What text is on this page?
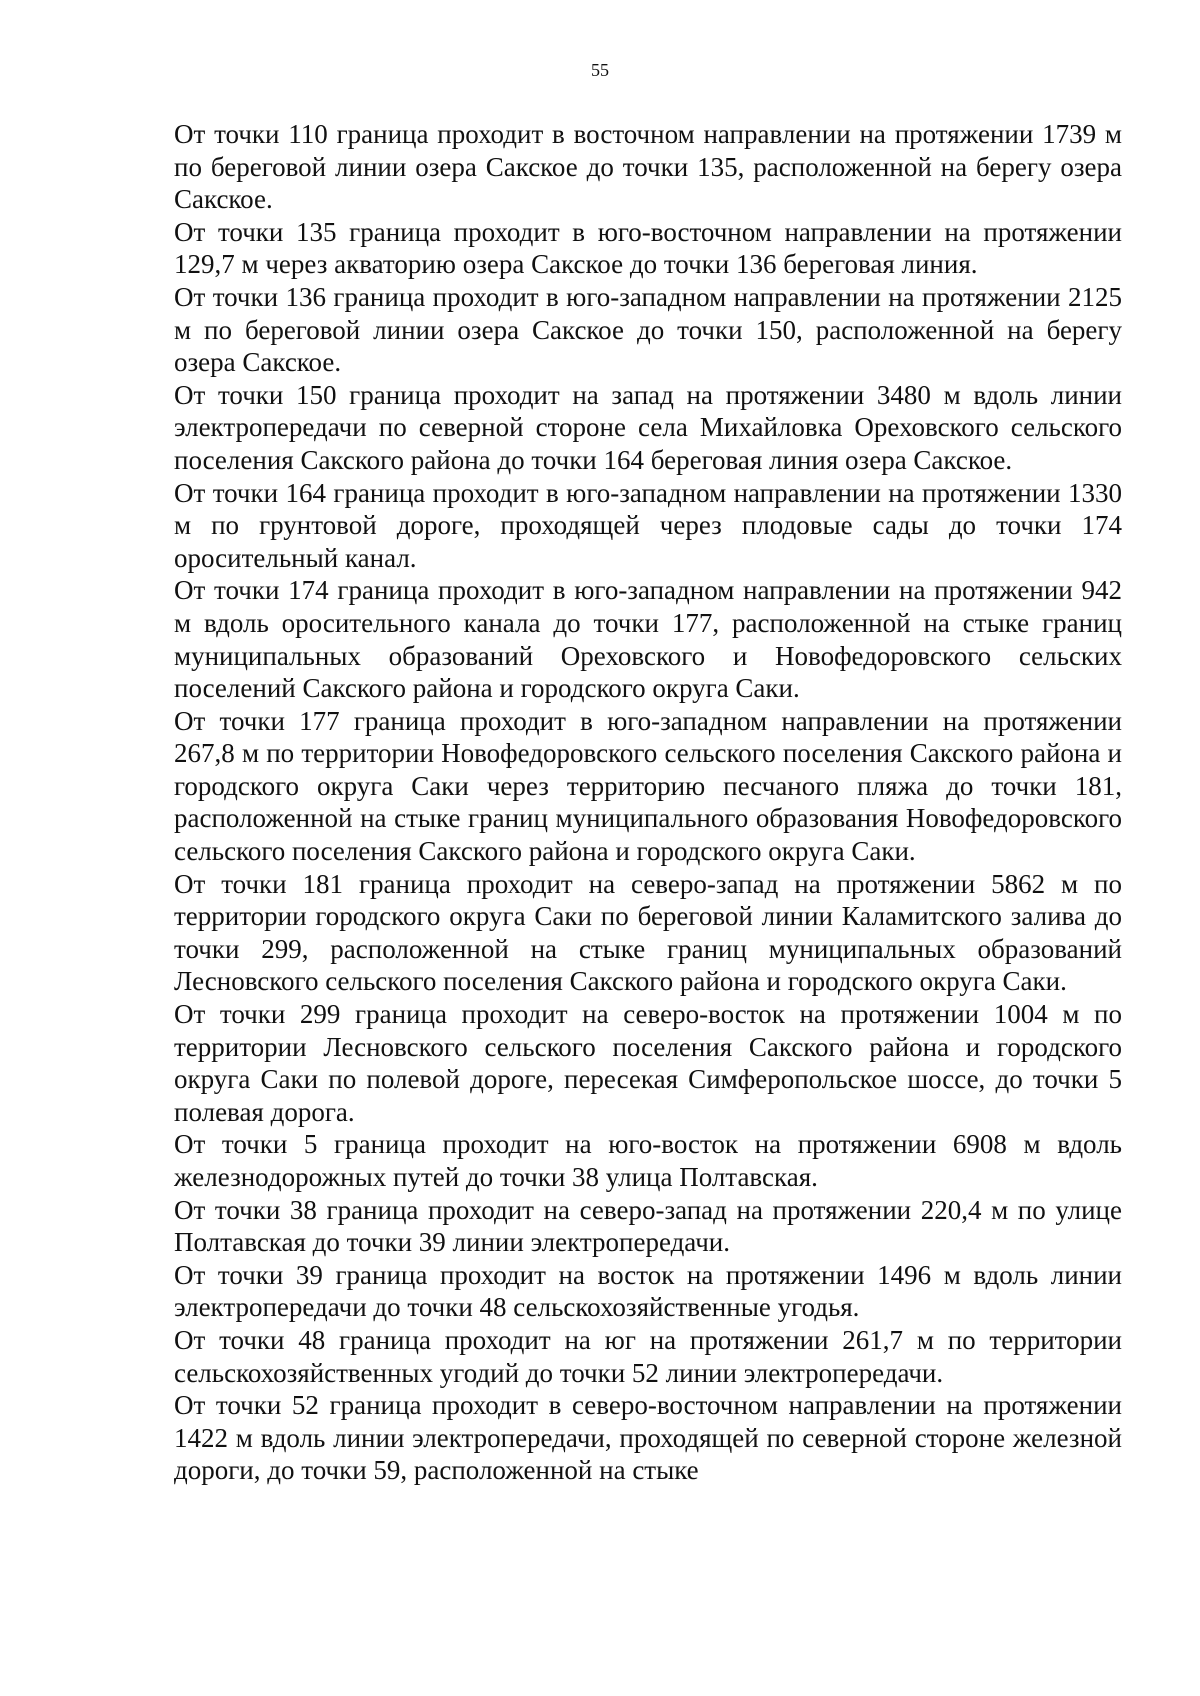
55

От точки 110 граница проходит в восточном направлении на протяжении 1739 м по береговой линии озера Сакское до точки 135, расположенной на берегу озера Сакское.

От точки 135 граница проходит в юго-восточном направлении на протяжении 129,7 м через акваторию озера Сакское до точки 136 береговая линия.

От точки 136 граница проходит в юго-западном направлении на протяжении 2125 м по береговой линии озера Сакское до точки 150, расположенной на берегу озера Сакское.

От точки 150 граница проходит на запад на протяжении 3480 м вдоль линии электропередачи по северной стороне села Михайловка Ореховского сельского поселения Сакского района до точки 164 береговая линия озера Сакское.

От точки 164 граница проходит в юго-западном направлении на протяжении 1330 м по грунтовой дороге, проходящей через плодовые сады до точки 174 оросительный канал.

От точки 174 граница проходит в юго-западном направлении на протяжении 942 м вдоль оросительного канала до точки 177, расположенной на стыке границ муниципальных образований Ореховского и Новофедоровского сельских поселений Сакского района и городского округа Саки.

От точки 177 граница проходит в юго-западном направлении на протяжении 267,8 м по территории Новофедоровского сельского поселения Сакского района и городского округа Саки через территорию песчаного пляжа до точки 181, расположенной на стыке границ муниципального образования Новофедоровского сельского поселения Сакского района и городского округа Саки.

От точки 181 граница проходит на северо-запад на протяжении 5862 м по территории городского округа Саки по береговой линии Каламитского залива до точки 299, расположенной на стыке границ муниципальных образований Лесновского сельского поселения Сакского района и городского округа Саки.

От точки 299 граница проходит на северо-восток на протяжении 1004 м по территории Лесновского сельского поселения Сакского района и городского округа Саки по полевой дороге, пересекая Симферопольское шоссе, до точки 5 полевая дорога.

От точки 5 граница проходит на юго-восток на протяжении 6908 м вдоль железнодорожных путей до точки 38 улица Полтавская.

От точки 38 граница проходит на северо-запад на протяжении 220,4 м по улице Полтавская до точки 39 линии электропередачи.

От точки 39 граница проходит на восток на протяжении 1496 м вдоль линии электропередачи до точки 48 сельскохозяйственные угодья.

От точки 48 граница проходит на юг на протяжении 261,7 м по территории сельскохозяйственных угодий до точки 52 линии электропередачи.

От точки 52 граница проходит в северо-восточном направлении на протяжении 1422 м вдоль линии электропередачи, проходящей по северной стороне железной дороги, до точки 59, расположенной на стыке
